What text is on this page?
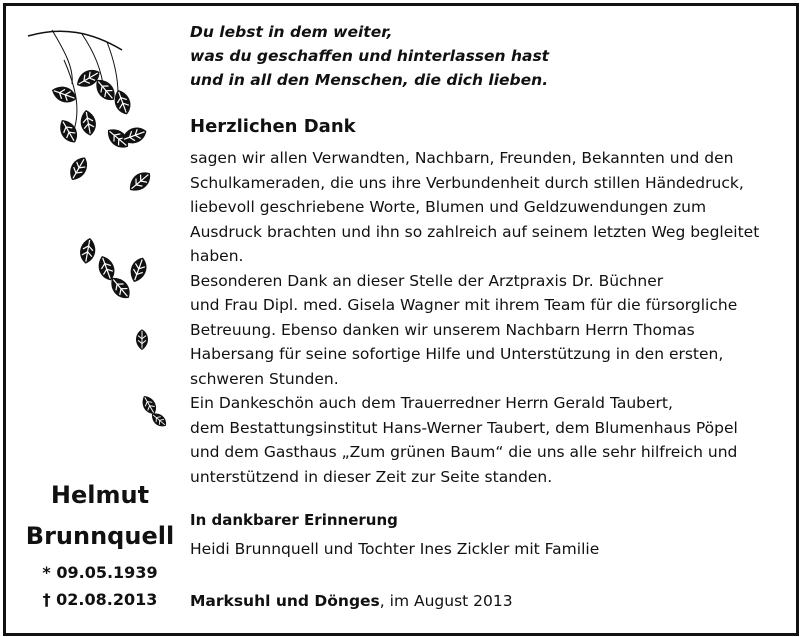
Du lebst in dem weiter,
was du geschaffen und hinterlassen hast
und in all den Menschen, die dich lieben.
Herzlichen Dank
sagen wir allen Verwandten, Nachbarn, Freunden, Bekannten und den
Schulkameraden, die uns ihre Verbundenheit durch stillen Händedruck,
liebevoll geschriebene Worte, Blumen und Geldzuwendungen zum
Ausdruck brachten und ihn so zahlreich auf seinem letzten Weg begleitet
haben.
Besonderen Dank an dieser Stelle der Arztpraxis Dr. Büchner
und Frau Dipl. med. Gisela Wagner mit ihrem Team für die fürsorgliche
Betreuung. Ebenso danken wir unserem Nachbarn Herrn Thomas
Habersang für seine sofortige Hilfe und Unterstützung in den ersten,
schweren Stunden.
Ein Dankeschön auch dem Trauerredner Herrn Gerald Taubert,
dem Bestattungsinstitut Hans-Werner Taubert, dem Blumenhaus Pöpel
und dem Gasthaus „Zum grünen Baum“ die uns alle sehr hilfreich und
unterstützend in dieser Zeit zur Seite standen.
Helmut
Brunnquell
* 09.05.1939
† 02.08.2013
In dankbarer Erinnerung
Heidi Brunnquell und Tochter Ines Zickler mit Familie
Marksuhl und Dönges, im August 2013
